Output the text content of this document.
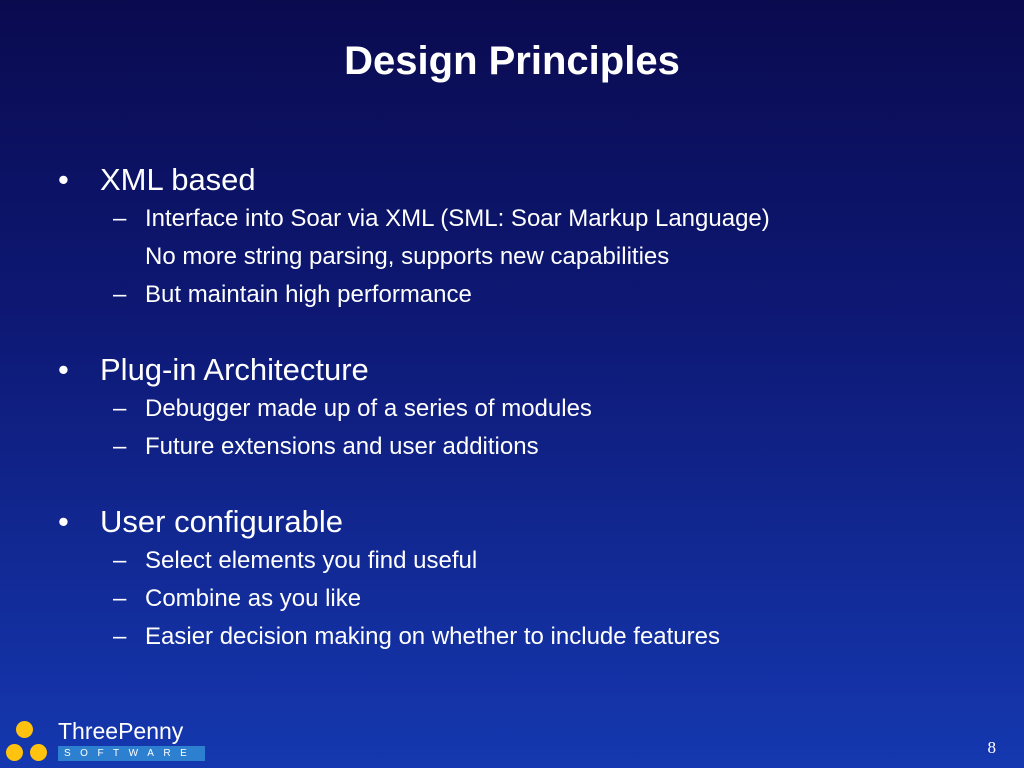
Design Principles
•	XML based
– Interface into Soar via XML (SML: Soar Markup Language)
No more string parsing, supports new capabilities
– But maintain high performance
•	Plug-in Architecture
– Debugger made up of a series of modules
– Future extensions and user additions
•	User configurable
– Select elements you find useful
– Combine as you like
– Easier decision making on whether to include features
ThreePenny
SOFTWARE	8
